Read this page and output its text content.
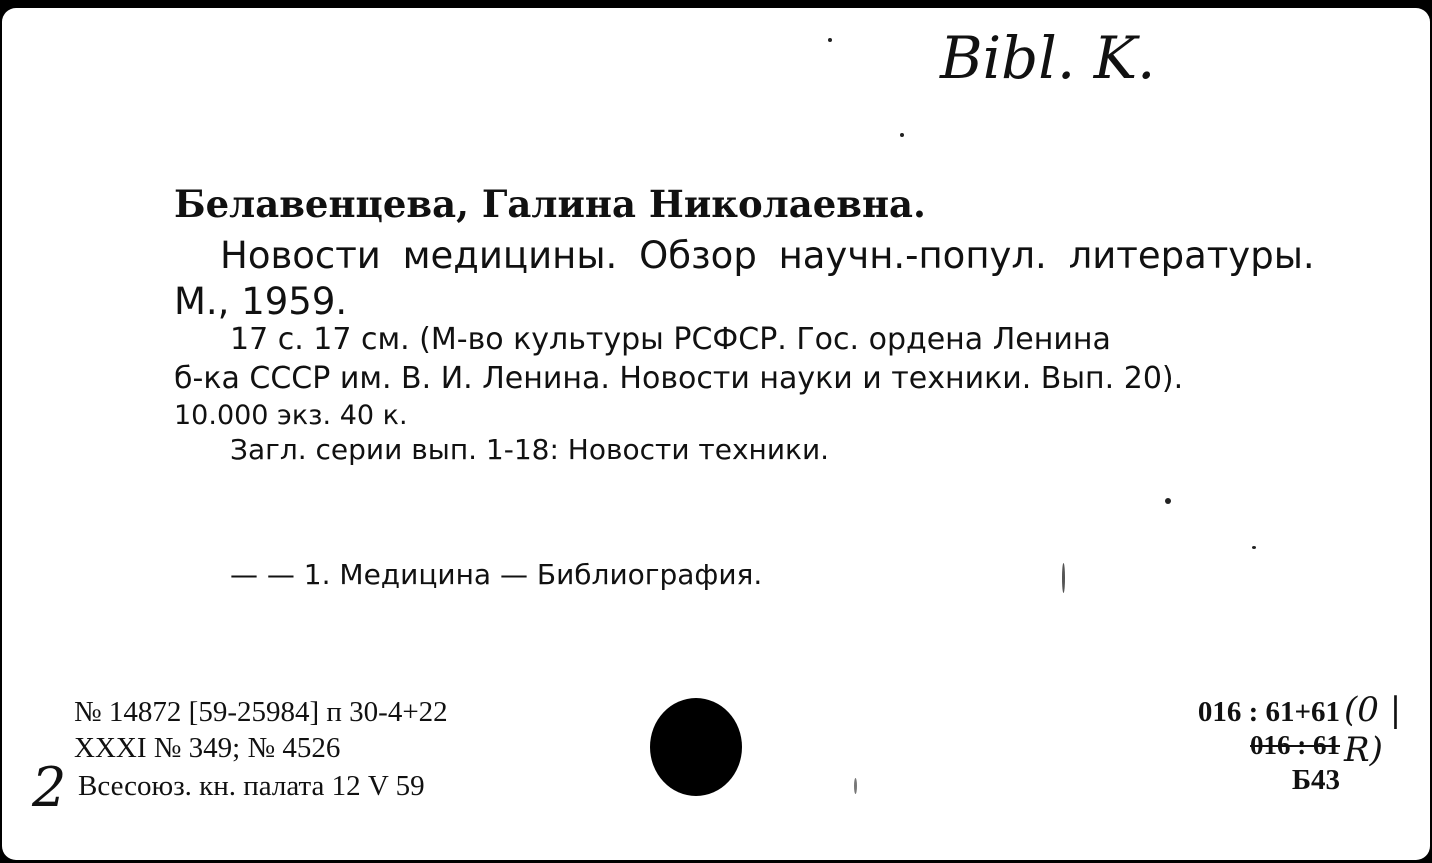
Bibl. K.

Белавенцева, Галина Николаевна.

Новости медицины. Обзор научн.-попул. литературы.

М., 1959.

17 с. 17 см. (М-во культуры РСФСР. Гос. ордена Ленина

б-ка СССР им. В. И. Ленина. Новости науки и техники. Вып. 20).

10.000 экз. 40 к.

Загл. серии вып. 1-18: Новости техники.

— — 1. Медицина — Библиография.

№ 14872 [59-25984] п 30-4+22

XXXI № 349; № 4526

2 Всесоюз. кн. палата 12 V 59

016 : 61+61 (0 | R)

016 : 61

Б43
